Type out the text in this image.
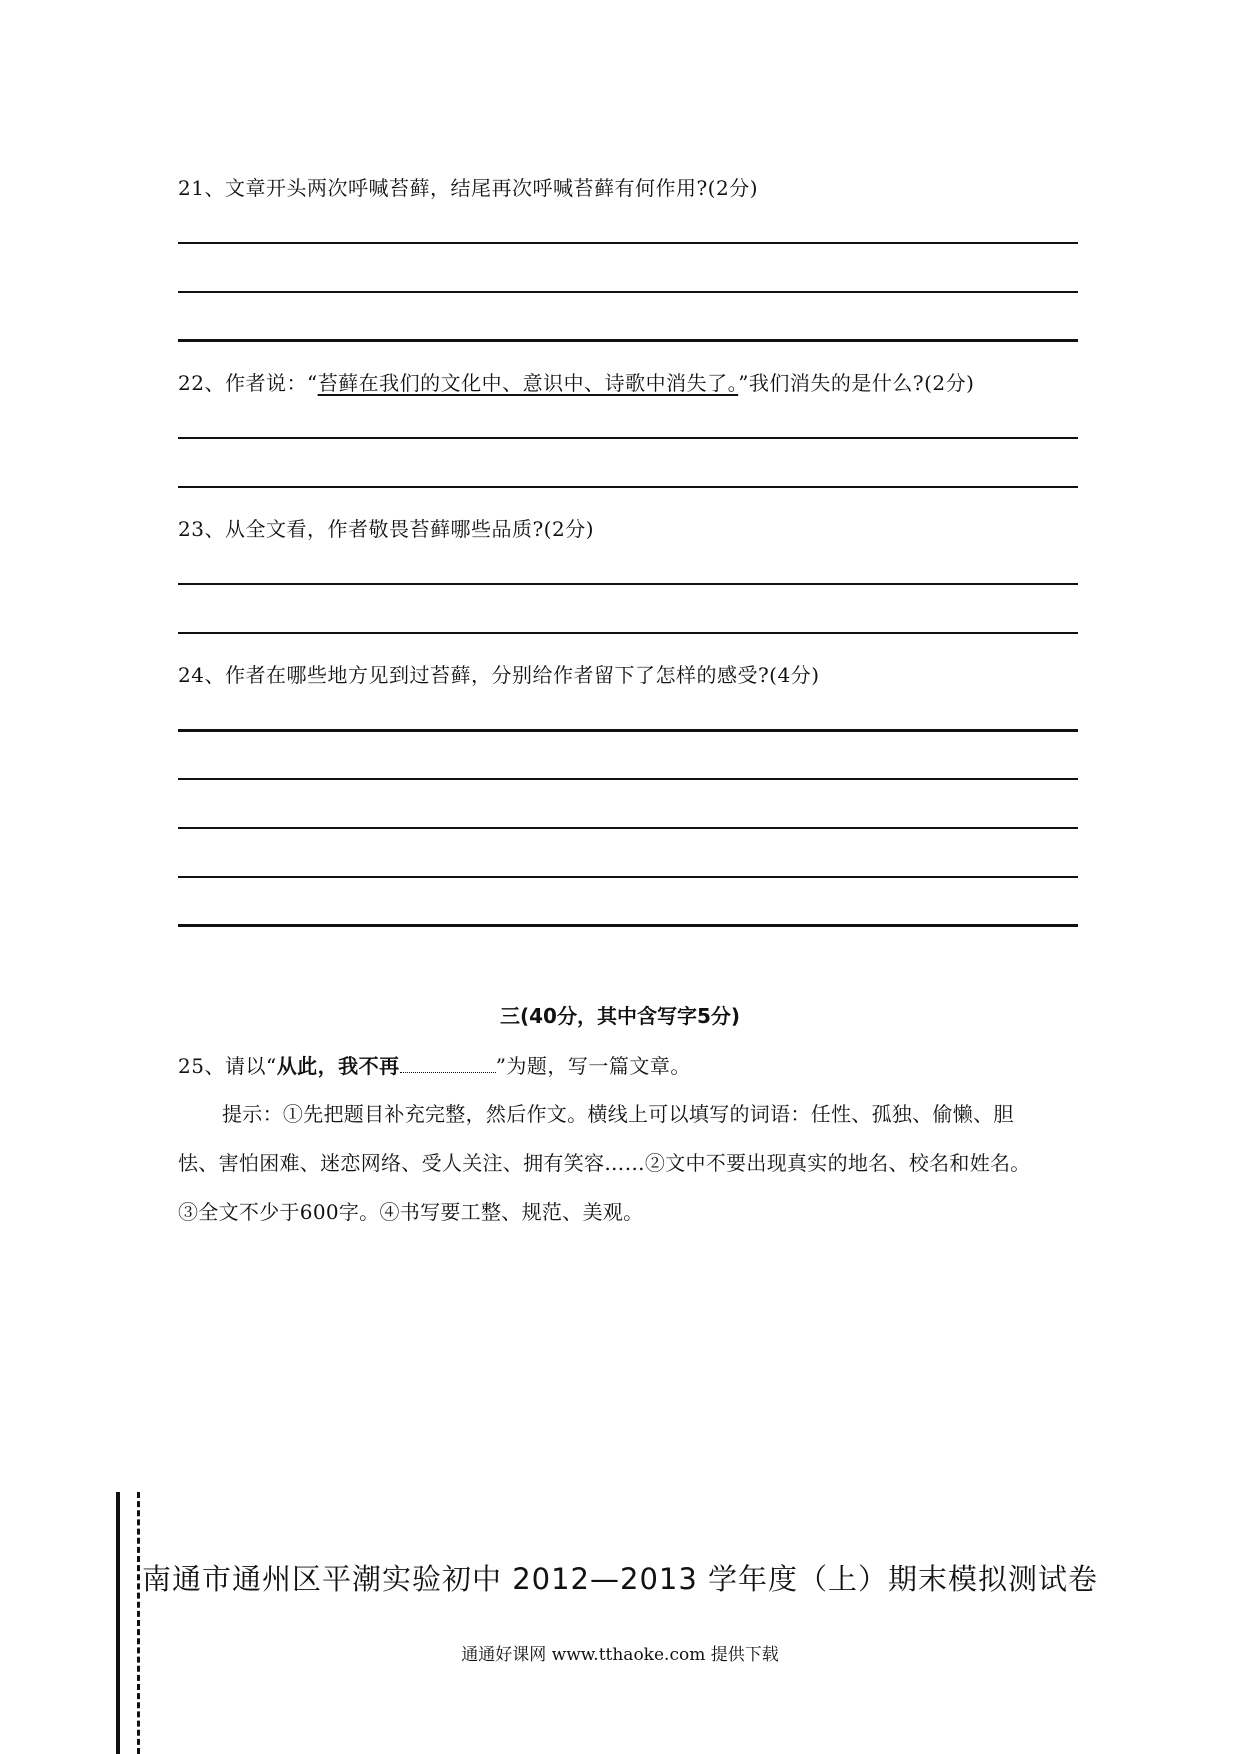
21、文章开头两次呼喊苔藓，结尾再次呼喊苔藓有何作用?(2分)
22、作者说：“苔藓在我们的文化中、意识中、诗歌中消失了。”我们消失的是什么?(2分)
23、从全文看，作者敬畏苔藓哪些品质?(2分)
24、作者在哪些地方见到过苔藓，分别给作者留下了怎样的感受?(4分)
三(40分，其中含写字5分)
25、请以“从此，我不再	”为题，写一篇文章。
提示：①先把题目补充完整，然后作文。横线上可以填写的词语：任性、孤独、偷懒、胆
怯、害怕困难、迷恋网络、受人关注、拥有笑容……②文中不要出现真实的地名、校名和姓名。
③全文不少于600字。④书写要工整、规范、美观。
南通市通州区平潮实验初中 2012—2013 学年度（上）期末模拟测试卷
通通好课网 www.tthaoke.com 提供下载
